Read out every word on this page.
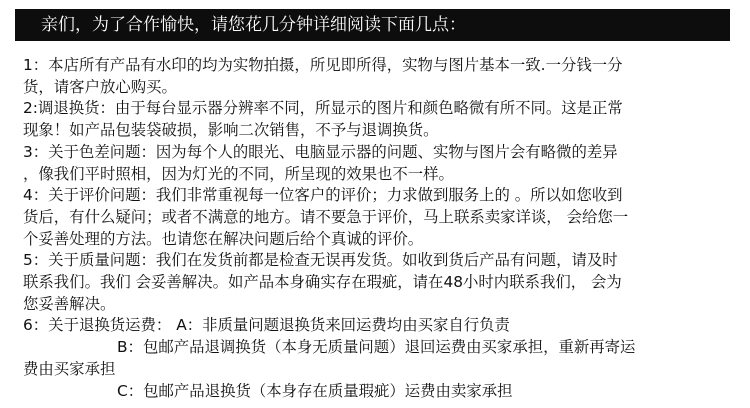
亲们，为了合作愉快，请您花几分钟详细阅读下面几点：

1：本店所有产品有水印的均为实物拍摄，所见即所得，实物与图片基本一致.一分钱一分
货，请客户放心购买。

2:调退换货：由于每台显示器分辨率不同，所显示的图片和颜色略微有所不同。这是正常
现象！如产品包装袋破损，影响二次销售，不予与退调换货。

3：关于色差问题：因为每个人的眼光、电脑显示器的问题、实物与图片会有略微的差异
，像我们平时照相，因为灯光的不同，所呈现的效果也不一样。

4：关于评价问题：我们非常重视每一位客户的评价；力求做到服务上的 。所以如您收到
货后，有什么疑问；或者不满意的地方。请不要急于评价，马上联系卖家详谈， 会给您一
个妥善处理的方法。也请您在解决问题后给个真诚的评价。

5：关于质量问题：我们在发货前都是检查无误再发货。如收到货后产品有问题，请及时
联系我们。我们 会妥善解决。如产品本身确实存在瑕疵，请在48小时内联系我们， 会为
您妥善解决。

6：关于退换货运费： A：非质量问题退换货来回运费均由买家自行负责
B：包邮产品退调换货（本身无质量问题）退回运费由买家承担，重新再寄运
费由买家承担
C：包邮产品退换货（本身存在质量瑕疵）运费由卖家承担
